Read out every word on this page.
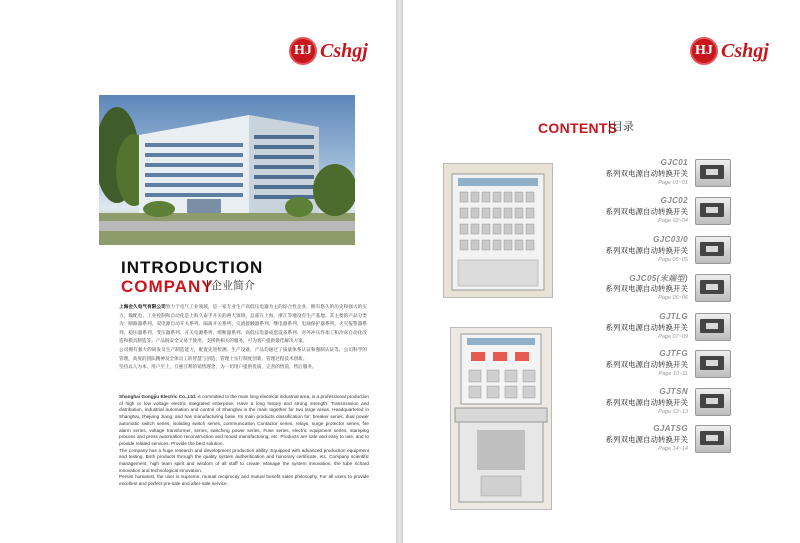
HJ Cshgj
INTRODUCTION
COMPANY
企业简介

上海会久电气有限公司致力于电气工业领域，是一家专业生产高低压电器为主的综合性企业，拥有悠久的历史和强大的实力。输配电、工业控制和自动化是上海久泰手开关的两大领域，总部在上海，浙江等地设有生产基地。其主要的产品分类为：断路器系列、双电源自动开关系列、隔离开关系列、交流接触器系列、继电器系列、电涌保护器系列、火灾报警器系列、稳压器系列、变压器系列、开关电源系列、熔断器系列、高低压电器成套设备系列、对外冲压件加工和冷床自动化改造和模具制造等。产品既安全又易于使用，支援供相关的服务，可为客户提供最佳解决方案。

公司拥有强大的研发及生产制造能力，配置先进检测、生产设备，产品均通过了质量体系认证和强制认证等，公司科学的管理，高度的团队精神及全体员工的智慧与创造，管理上实行制度创新，管理过程技术创新。

坚持以人为本，用户至上，互惠互利的销售理念，为一切用户提供优质，完善的售前，售后服务。

Shanghai Gongjiu Electric Co.,Ltd. is committed to the main long electrical industrial area, is a professional production of high or low voltage electric integrated enterprise. Have a long history and strong strength. Transmission and distribution, industrial automation and control of Shanghai is the main together for two large areas. Headquartered in Shanghai, zhejiang Jiang, and has manufacturing base. Its main products classification for: breaker series, dual power automatic switch series, isolating switch series, communication Contactor series, relays, surge protector series, fire alarm series, voltage transformer, series, switching power series, Fuse series, electric equipment series, stamping process and press automation reconstruction and mould manufacturing, etc. Products are safe and easy to use, and to provide related services. Provide the best solution.

The company has a huge research and development production ability. Equipped with advanced production equipment and testing. Both products through the quality system authentication and honorary certificate, etc. Company scientific management, high team spirit and wisdom of all staff to create. Manage the system innovation, the tube richard innovation and technological innovation.

Persist humanist, the user is supreme, mutual reciprocity and mutual benefit sales philosophy. For all users to provide excellent and perfect pre-sale and after-sale service.

HJ Cshgj
CONTENTS
目录
GJC01
系列双电源自动转换开关
Page 01~01
GJC02
系列双电源自动转换开关
Page 02~04
GJC03/0
系列双电源自动转换开关
Page 05~05
GJC05(末端型)
系列双电源自动转换开关
Page 06~06
GJTLG
系列双电源自动转换开关
Page 07~09
GJTFG
系列双电源自动转换开关
Page 10~11
GJTSN
系列双电源自动转换开关
Page 12~13
GJATSG
系列双电源自动转换开关
Page 14~14
